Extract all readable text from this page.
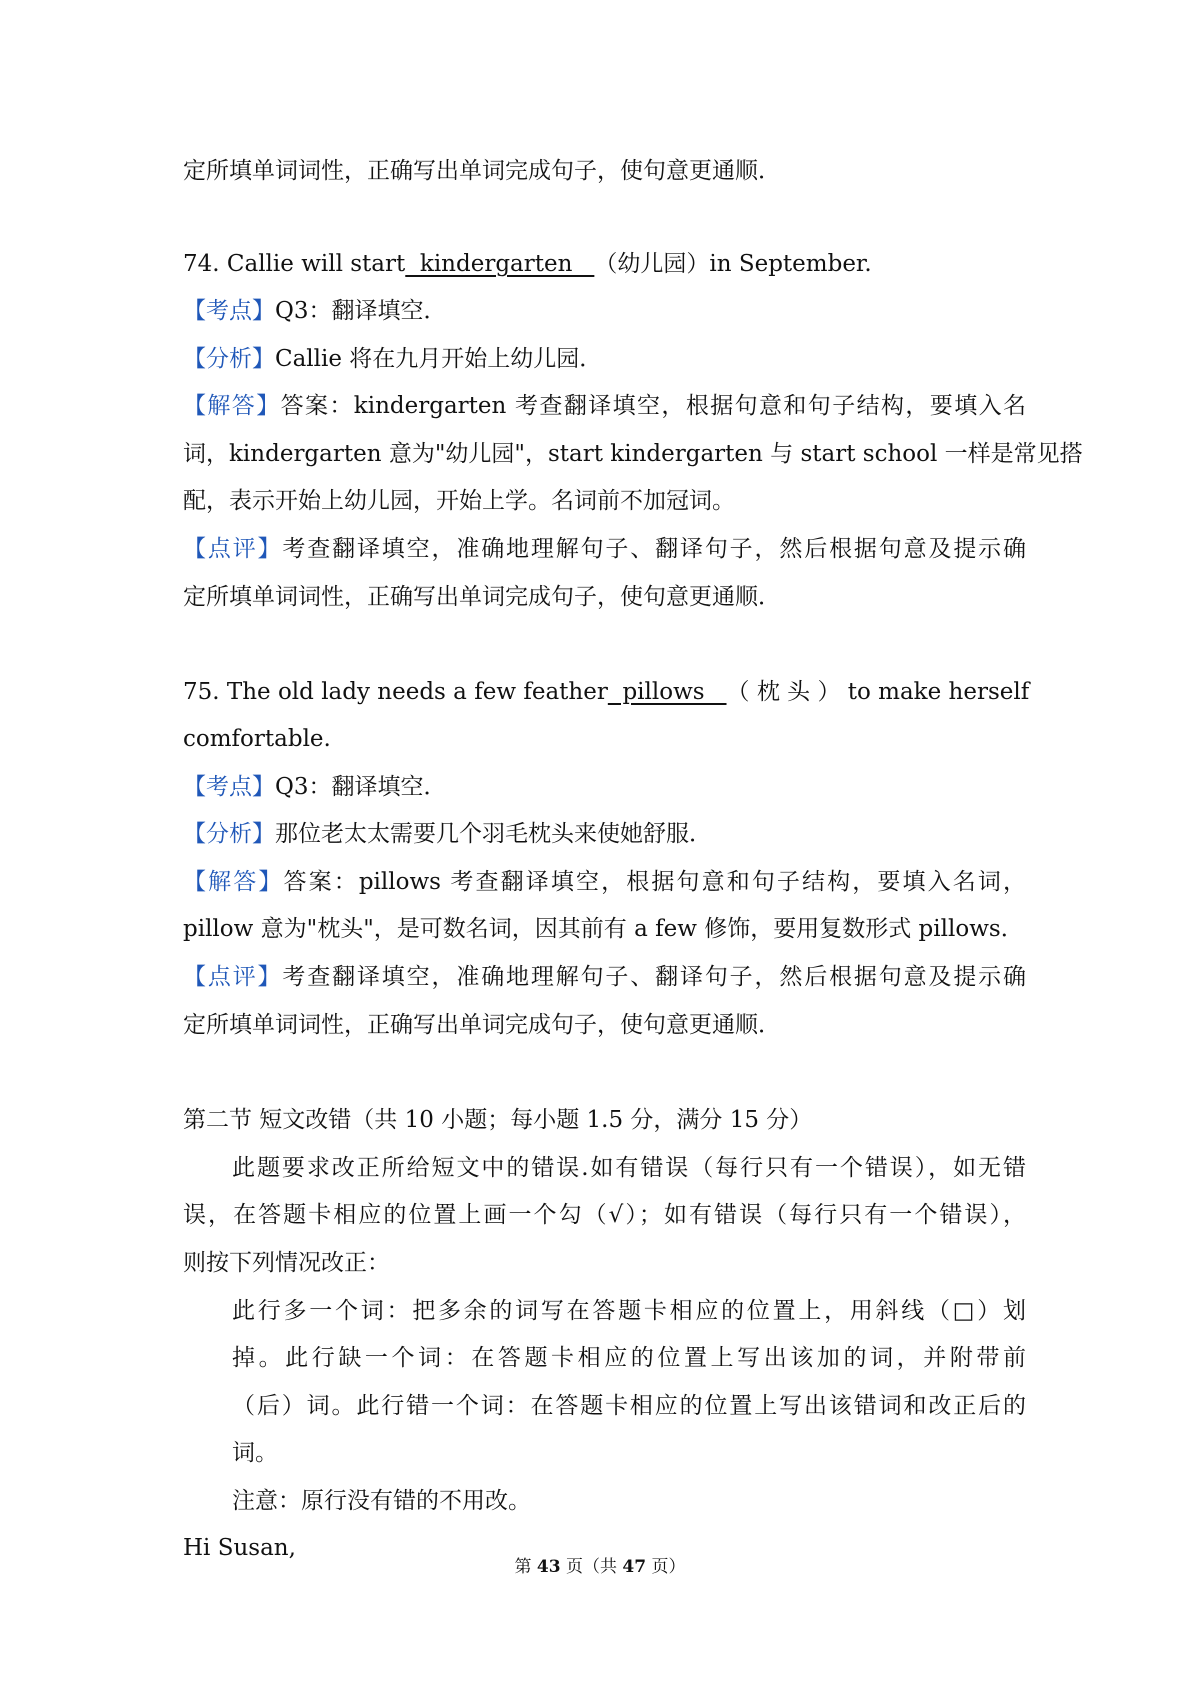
定所填单词词性，正确写出单词完成句子，使句意更通顺．
74. Callie will start  kindergarten   （幼儿园）in September.
【考点】Q3：翻译填空．
【分析】Callie 将在九月开始上幼儿园．
【解答】答案：kindergarten 考查翻译填空，根据句意和句子结构，要填入名
词，kindergarten 意为"幼儿园"，start kindergarten 与 start school 一样是常见搭
配，表示开始上幼儿园，开始上学。名词前不加冠词。
【点评】考查翻译填空，准确地理解句子、翻译句子，然后根据句意及提示确
定所填单词词性，正确写出单词完成句子，使句意更通顺．
75. The old lady needs a few feather  pillows   （ 枕 头 ） to make herself
comfortable.
【考点】Q3：翻译填空．
【分析】那位老太太需要几个羽毛枕头来使她舒服．
【解答】答案：pillows 考查翻译填空，根据句意和句子结构，要填入名词，
pillow 意为"枕头"，是可数名词，因其前有 a few 修饰，要用复数形式 pillows．
【点评】考查翻译填空，准确地理解句子、翻译句子，然后根据句意及提示确
定所填单词词性，正确写出单词完成句子，使句意更通顺．
第二节 短文改错（共 10 小题；每小题 1.5 分，满分 15 分）
此题要求改正所给短文中的错误.如有错误（每行只有一个错误），如无错
误，在答题卡相应的位置上画一个勾（√）；如有错误（每行只有一个错误），
则按下列情况改正：
此行多一个词：把多余的词写在答题卡相应的位置上，用斜线（□）划
掉。此行缺一个词：在答题卡相应的位置上写出该加的词，并附带前
（后）词。此行错一个词：在答题卡相应的位置上写出该错词和改正后的
词。
注意：原行没有错的不用改。
Hi Susan,
第 43 页（共 47 页）
